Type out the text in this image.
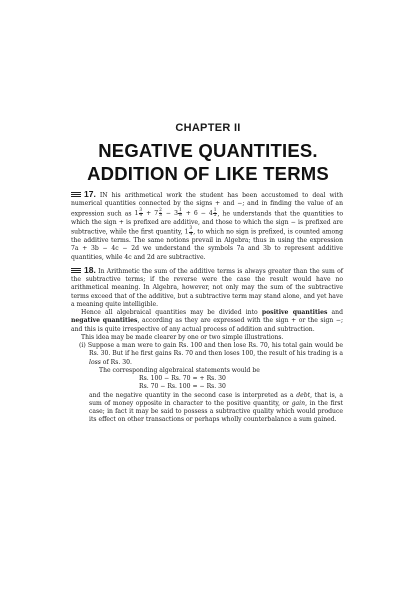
CHAPTER II
NEGATIVE QUANTITIES.
ADDITION OF LIKE TERMS

17. IN his arithmetical work the student has been accustomed to deal with numerical quantities connected by the signs + and −; and in finding the value of an expression such as $1 \frac{3}{4} + 7 \frac{2}{3} - 3 \frac{1}{8} + 6 - 4 \frac{1}{5}$ , he understands that the quantities to which the sign + is prefixed are additive, and those to which the sign − is prefixed are subtractive, while the first quantity, $1 \frac{3}{4}$ , to which no sign is prefixed, is counted among the additive terms. The same notions prevail in Algebra; thus in using the expression 7a + 3b − 4c − 2d we understand the symbols 7a and 3b to represent additive quantities, while 4c and 2d are subtractive.

18. In Arithmetic the sum of the additive terms is always greater than the sum of the subtractive terms; if the reverse were the case the result would have no arithmetical meaning. In Algebra, however, not only may the sum of the subtractive terms exceed that of the additive, but a subtractive term may stand alone, and yet have a meaning quite intelligible.

Hence all algebraical quantities may be divided into positive quantities and negative quantities, according as they are expressed with the sign + or the sign −; and this is quite irrespective of any actual process of addition and subtraction.

This idea may be made clearer by one or two simple illustrations.

(i) Suppose a man were to gain Rs. 100 and then lose Rs. 70, his total gain would be Rs. 30. But if he first gains Rs. 70 and then loses 100, the result of his trading is a loss of Rs. 30.

The corresponding algebraical statements would be

Rs. 100 − Rs. 70 = + Rs. 30

Rs. 70 − Rs. 100 = − Rs. 30

and the negative quantity in the second case is interpreted as a debt, that is, a sum of money opposite in character to the positive quantity, or gain, in the first case; in fact it may be said to possess a subtractive quality which would produce its effect on other transactions or perhaps wholly counterbalance a sum gained.
